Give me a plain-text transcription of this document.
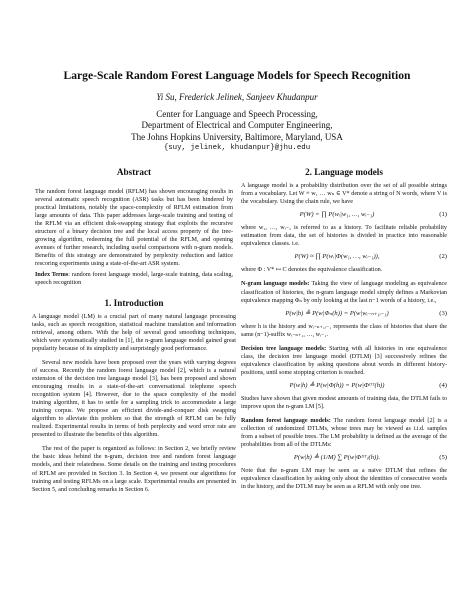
Large-Scale Random Forest Language Models for Speech Recognition
Yi Su, Frederick Jelinek, Sanjeev Khudanpur
Center for Language and Speech Processing,
Department of Electrical and Computer Engineering,
The Johns Hopkins University, Baltimore, Maryland, USA
{suy, jelinek, khudanpur}@jhu.edu
Abstract

The random forest language model (RFLM) has shown encouraging results in several automatic speech recognition (ASR) tasks but has been hindered by practical limitations, notably the space-complexity of RFLM estimation from large amounts of data. This paper addresses large-scale training and testing of the RFLM via an efficient disk-swapping strategy that exploits the recursive structure of a binary decision tree and the local access property of the tree-growing algorithm, redeeming the full potential of the RFLM, and opening avenues of further research, including useful comparisons with n-gram models. Benefits of this strategy are demonstrated by perplexity reduction and lattice rescoring experiments using a state-of-the-art ASR system.

Index Terms: random forest language model, large-scale training, data scaling, speech recognition

1. Introduction

A language model (LM) is a crucial part of many natural language processing tasks, such as speech recognition, statistical machine translation and information retrieval, among others. With the help of several good smoothing techniques, which were systematically studied in [1], the n-gram language model gained great popularity because of its simplicity and surprisingly good performance.

Several new models have been proposed over the years with varying degrees of success. Recently the random forest language model [2], which is a natural extension of the decision tree language model [3], has been proposed and shown encouraging results in a state-of-the-art conversational telephone speech recognition system [4]. However, due to the space complexity of the model training algorithm, it has to settle for a sampling trick to accommodate a large training corpus. We propose an efficient divide-and-conquer disk swapping algorithm to alleviate this problem so that the strength of RFLM can be fully realized. Experimental results in terms of both perplexity and word error rate are presented to illustrate the benefits of this algorithm.

The rest of the paper is organized as follows: in Section 2, we briefly review the basic ideas behind the n-gram, decision tree and random forest language models, and their relatedness. Some details on the training and testing procedures of RFLM are provided in Section 3. In Section 4, we present our algorithms for training and testing RFLMs on a large scale. Experimental results are presented in Section 5, and concluding remarks in Section 6.

2. Language models

A language model is a probability distribution over the set of all possible strings from a vocabulary. Let W ≡ w₁ … wₙ ∈ V* denote a string of N words, where V is the vocabulary. Using the chain rule, we have

P(W) = ∏ P(wᵢ|w₁, …, wᵢ₋₁)	(1)

where w₁, …, wᵢ₋₁ is referred to as a history. To facilitate reliable probability estimation from data, the set of histories is divided in practice into reasonable equivalence classes. i.e.

P(W) ≈ ∏ P(wᵢ|Φ(w₁, …, wᵢ₋₁)),	(2)

where Φ : V* ↦ C denotes the equivalence classification.

N-gram language models: Taking the view of language modeling as equivalence classification of histories, the n-gram language model simply defines a Markovian equivalence mapping Φₙ by only looking at the last n−1 words of a history, i.e.,

P(w|h) ≜ P(w|Φₙ(h)) = P(w|wᵢ₋ₙ₊₁ᵢ₋₁)	(3)

where h is the history and wᵢ₋ₙ₊₁ᵢ₋₁ represents the class of histories that share the same (n−1)-suffix wᵢ₋ₙ₊₁, …, wᵢ₋₁.

Decision tree language models: Starting with all histories in one equivalence class, the decision tree language model (DTLM) [3] successively refines the equivalence classification by asking questions about words in different history-positions, until some stopping criterion is reached.

P(w|h) ≜ P(w|Φ(h)) = P(w|Φᴰᵀ(h))	(4)

Studies have shown that given modest amounts of training data, the DTLM fails to improve upon the n-gram LM [5].

Random forest language models: The random forest language model [2] is a collection of randomized DTLMs, whose trees may be viewed as i.i.d. samples from a subset of possible trees. The LM probability is defined as the average of the probabilities from all of the DTLMs:

P(w|h) ≜ (1/M) ∑ P(w|Φᴰᵀⱼ(h)).	(5)

Note that the n-gram LM may be seen as a naive DTLM that refines the equivalence classification by asking only about the identities of consecutive words in the history, and the DTLM may be seen as a RFLM with only one tree.
